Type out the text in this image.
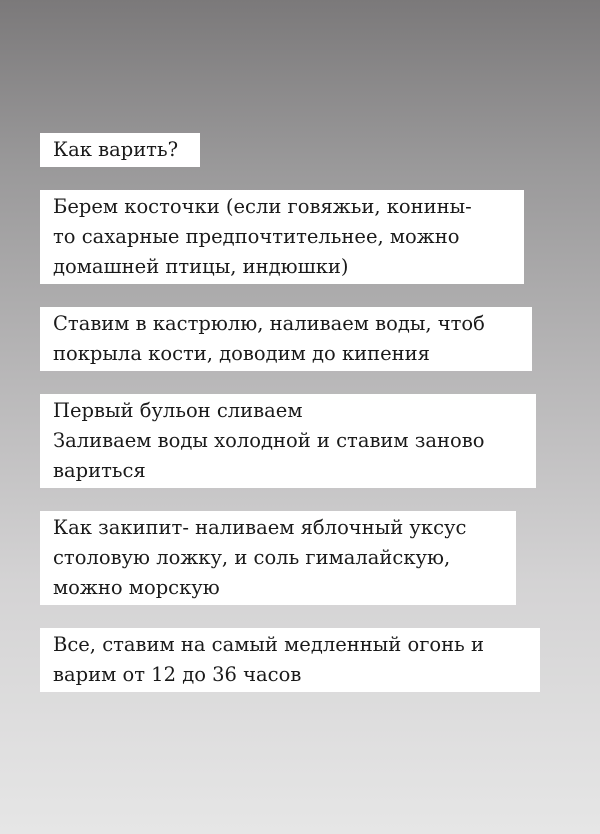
Как варить?
Берем косточки (если говяжьи, конины-
то сахарные предпочтительнее, можно
домашней птицы, индюшки)
Ставим в кастрюлю, наливаем воды, чтоб
покрыла кости, доводим до кипения
Первый бульон сливаем
Заливаем воды холодной и ставим заново
вариться
Как закипит- наливаем яблочный уксус
столовую ложку, и соль гималайскую,
можно морскую
Все, ставим на самый медленный огонь и
варим от 12 до 36 часов
